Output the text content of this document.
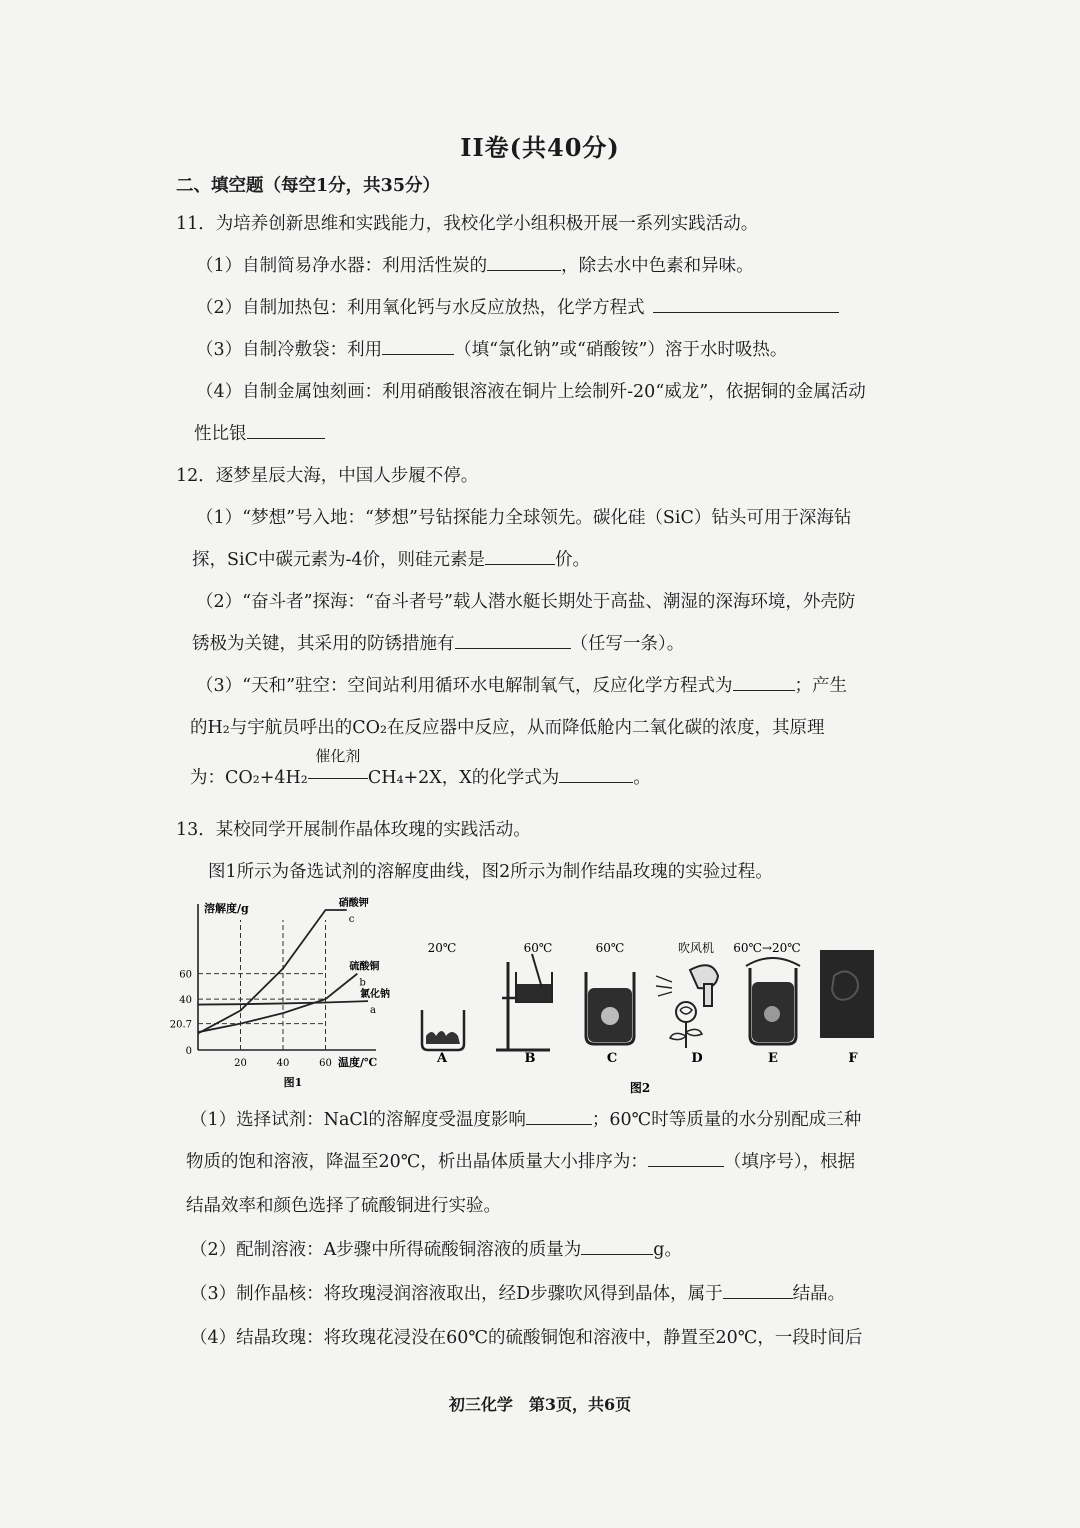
II卷(共40分)
二、填空题（每空1分，共35分）
11．为培养创新思维和实践能力，我校化学小组积极开展一系列实践活动。
（1）自制简易净水器：利用活性炭的	，除去水中色素和异味。
（2）自制加热包：利用氧化钙与水反应放热，化学方程式
（3）自制冷敷袋：利用	（填“氯化钠”或“硝酸铵”）溶于水时吸热。
（4）自制金属蚀刻画：利用硝酸银溶液在铜片上绘制歼-20“威龙”，依据铜的金属活动
性比银
12．逐梦星辰大海，中国人步履不停。
（1）“梦想”号入地：“梦想”号钻探能力全球领先。碳化硅（SiC）钻头可用于深海钻
探，SiC中碳元素为-4价，则硅元素是	价。
（2）“奋斗者”探海：“奋斗者号”载人潜水艇长期处于高盐、潮湿的深海环境，外壳防
锈极为关键，其采用的防锈措施有	（任写一条）。
（3）“天和”驻空：空间站利用循环水电解制氧气，反应化学方程式为	；产生
的H₂与宇航员呼出的CO₂在反应器中反应，从而降低舱内二氧化碳的浓度，其原理
为：CO₂+4H₂
催化剂
CH₄+2X，X的化学式为	。
13．某校同学开展制作晶体玫瑰的实践活动。
图1所示为备选试剂的溶解度曲线，图2所示为制作结晶玫瑰的实验过程。
溶解度/g
温度/℃
0
20.7
40
60
20	40	60
硝酸钾
c
硫酸铜
b
氯化钠
a
图1
20℃	60℃	60℃	吹风机 60℃→20℃
A	B	C	D	E	F
图2
（1）选择试剂：NaCl的溶解度受温度影响	；60℃时等质量的水分别配成三种
物质的饱和溶液，降温至20℃，析出晶体质量大小排序为：	（填序号），根据
结晶效率和颜色选择了硫酸铜进行实验。
（2）配制溶液：A步骤中所得硫酸铜溶液的质量为	g。
（3）制作晶核：将玫瑰浸润溶液取出，经D步骤吹风得到晶体，属于	结晶。
（4）结晶玫瑰：将玫瑰花浸没在60℃的硫酸铜饱和溶液中，静置至20℃，一段时间后
初三化学　第3页，共6页
